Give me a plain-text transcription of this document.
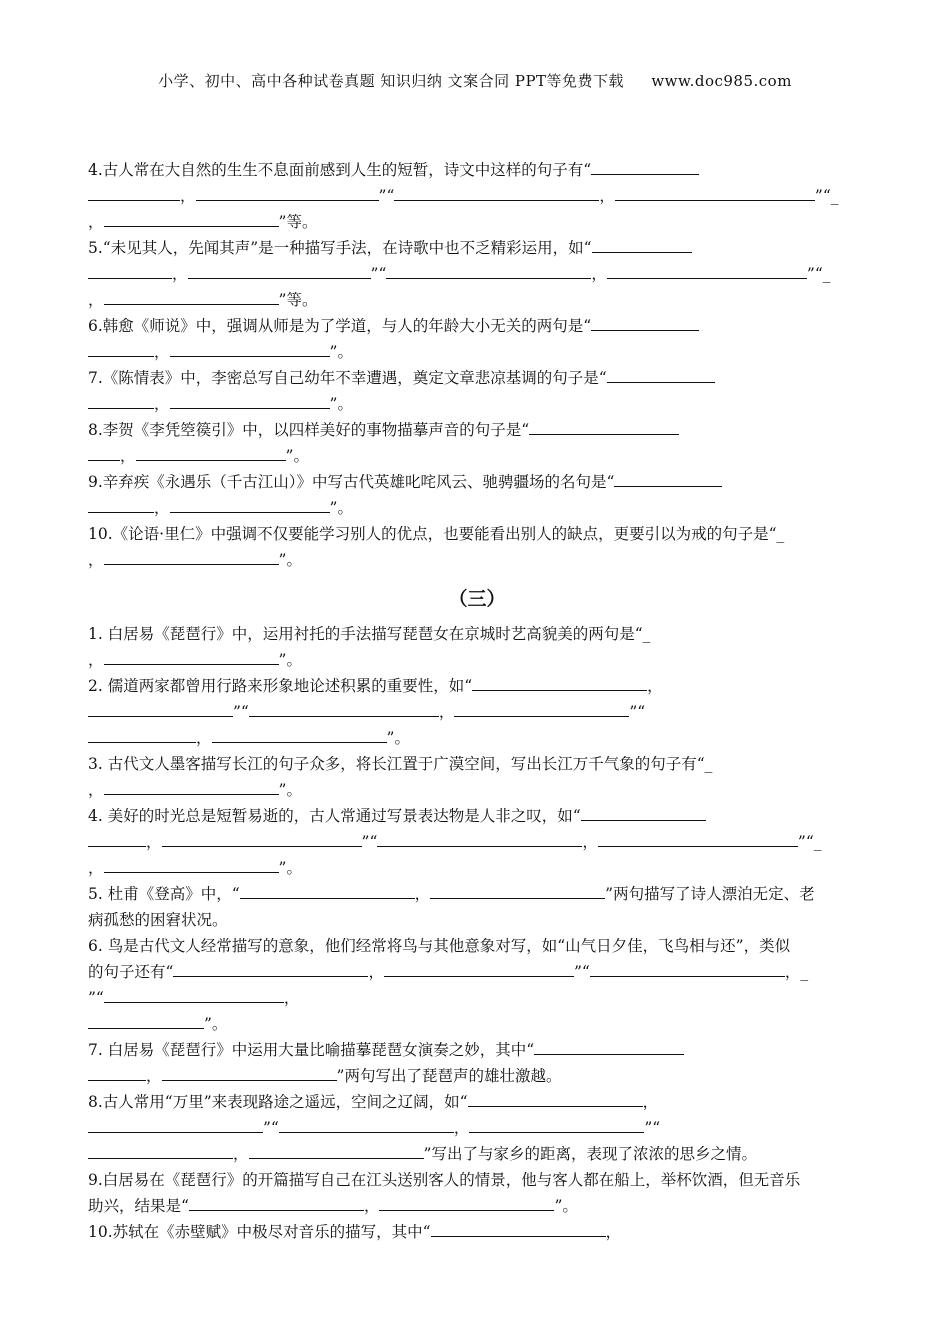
小学、初中、高中各种试卷真题 知识归纳 文案合同 PPT等免费下载 www.doc985.com
4.古人常在大自然的生生不息面前感到人生的短暂，诗文中这样的句子有“
，	”“	，	”“_
，	”等。
5.“未见其人，先闻其声”是一种描写手法，在诗歌中也不乏精彩运用，如“
，	”“	，	”“_
，	”等。
6.韩愈《师说》中，强调从师是为了学道，与人的年龄大小无关的两句是“
，	”。
7.《陈情表》中，李密总写自己幼年不幸遭遇，奠定文章悲凉基调的句子是“
，	”。
8.李贺《李凭箜篌引》中，以四样美好的事物描摹声音的句子是“
，	”。
9.辛弃疾《永遇乐（千古江山）》中写古代英雄叱咤风云、驰骋疆场的名句是“
，	”。
10.《论语·里仁》中强调不仅要能学习别人的优点，也要能看出别人的缺点，更要引以为戒的句子是“_
，	”。
（三）
1. 白居易《琵琶行》中，运用衬托的手法描写琵琶女在京城时艺高貌美的两句是“_
，	”。
2. 儒道两家都曾用行路来形象地论述积累的重要性，如“	，
”“	，	”“
，	”。
3. 古代文人墨客描写长江的句子众多，将长江置于广漠空间，写出长江万千气象的句子有“_
，	”。
4. 美好的时光总是短暂易逝的，古人常通过写景表达物是人非之叹，如“
，	”“	，	”“_
，	”。
5. 杜甫《登高》中，“	，	”两句描写了诗人漂泊无定、老
病孤愁的困窘状况。
6. 鸟是古代文人经常描写的意象，他们经常将鸟与其他意象对写，如“山气日夕佳，飞鸟相与还”，类似
的句子还有“	，	”“	，_
”“	，
”。
7. 白居易《琵琶行》中运用大量比喻描摹琵琶女演奏之妙，其中“
，	”两句写出了琵琶声的雄壮激越。
8.古人常用“万里”来表现路途之遥远，空间之辽阔，如“	，
”“	，	”“
，	”写出了与家乡的距离，表现了浓浓的思乡之情。
9.白居易在《琵琶行》的开篇描写自己在江头送别客人的情景，他与客人都在船上，举杯饮酒，但无音乐
助兴，结果是“	，	”。
10.苏轼在《赤壁赋》中极尽对音乐的描写，其中“	，
